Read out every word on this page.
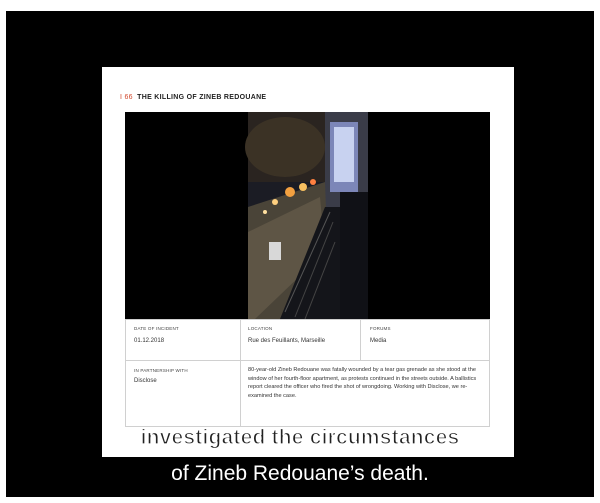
I 66 THE KILLING OF ZINEB REDOUANE
DATE OF INCIDENT
01.12.2018
LOCATION
Rue des Feuillants, Marseille
FORUMS
Media
IN PARTNERSHIP WITH
Disclose
80-year-old Zineb Redouane was fatally wounded by a tear gas grenade as she stood at the window of her fourth-floor apartment, as protests continued in the streets outside. A ballistics report cleared the officer who fired the shot of wrongdoing. Working with Disclose, we re-examined the case.
investigated the circumstances
of Zineb Redouane’s death.
